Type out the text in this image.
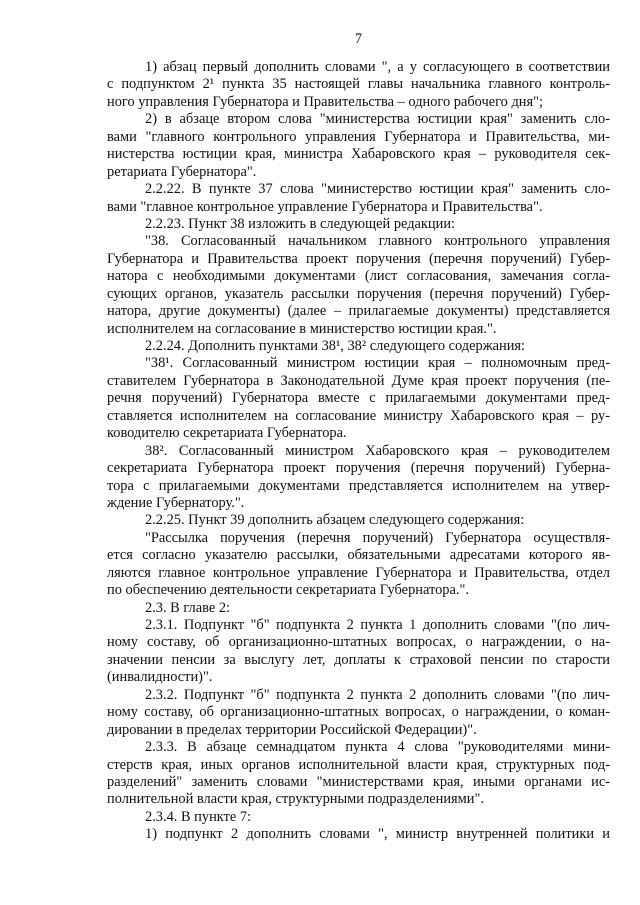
7
1) абзац первый дополнить словами ", а у согласующего в соответствии
с подпунктом 2¹ пункта 35 настоящей главы начальника главного контроль-
ного управления Губернатора и Правительства – одного рабочего дня";
2) в абзаце втором слова "министерства юстиции края" заменить сло-
вами "главного контрольного управления Губернатора и Правительства, ми-
нистерства юстиции края, министра Хабаровского края – руководителя сек-
ретариата Губернатора".
2.2.22. В пункте 37 слова "министерство юстиции края" заменить сло-
вами "главное контрольное управление Губернатора и Правительства".
2.2.23. Пункт 38 изложить в следующей редакции:
"38. Согласованный начальником главного контрольного управления
Губернатора и Правительства проект поручения (перечня поручений) Губер-
натора с необходимыми документами (лист согласования, замечания согла-
сующих органов, указатель рассылки поручения (перечня поручений) Губер-
натора, другие документы) (далее – прилагаемые документы) представляется
исполнителем на согласование в министерство юстиции края.".
2.2.24. Дополнить пунктами 38¹, 38² следующего содержания:
"38¹. Согласованный министром юстиции края – полномочным пред-
ставителем Губернатора в Законодательной Думе края проект поручения (пе-
речня поручений) Губернатора вместе с прилагаемыми документами пред-
ставляется исполнителем на согласование министру Хабаровского края – ру-
ководителю секретариата Губернатора.
38². Согласованный министром Хабаровского края – руководителем
секретариата Губернатора проект поручения (перечня поручений) Губерна-
тора с прилагаемыми документами представляется исполнителем на утвер-
ждение Губернатору.".
2.2.25. Пункт 39 дополнить абзацем следующего содержания:
"Рассылка поручения (перечня поручений) Губернатора осуществля-
ется согласно указателю рассылки, обязательными адресатами которого яв-
ляются главное контрольное управление Губернатора и Правительства, отдел
по обеспечению деятельности секретариата Губернатора.".
2.3. В главе 2:
2.3.1. Подпункт "б" подпункта 2 пункта 1 дополнить словами "(по лич-
ному составу, об организационно-штатных вопросах, о награждении, о на-
значении пенсии за выслугу лет, доплаты к страховой пенсии по старости
(инвалидности)".
2.3.2. Подпункт "б" подпункта 2 пункта 2 дополнить словами "(по лич-
ному составу, об организационно-штатных вопросах, о награждении, о коман-
дировании в пределах территории Российской Федерации)".
2.3.3. В абзаце семнадцатом пункта 4 слова "руководителями мини-
стерств края, иных органов исполнительной власти края, структурных под-
разделений" заменить словами "министерствами края, иными органами ис-
полнительной власти края, структурными подразделениями".
2.3.4. В пункте 7:
1) подпункт 2 дополнить словами ", министр внутренней политики и
